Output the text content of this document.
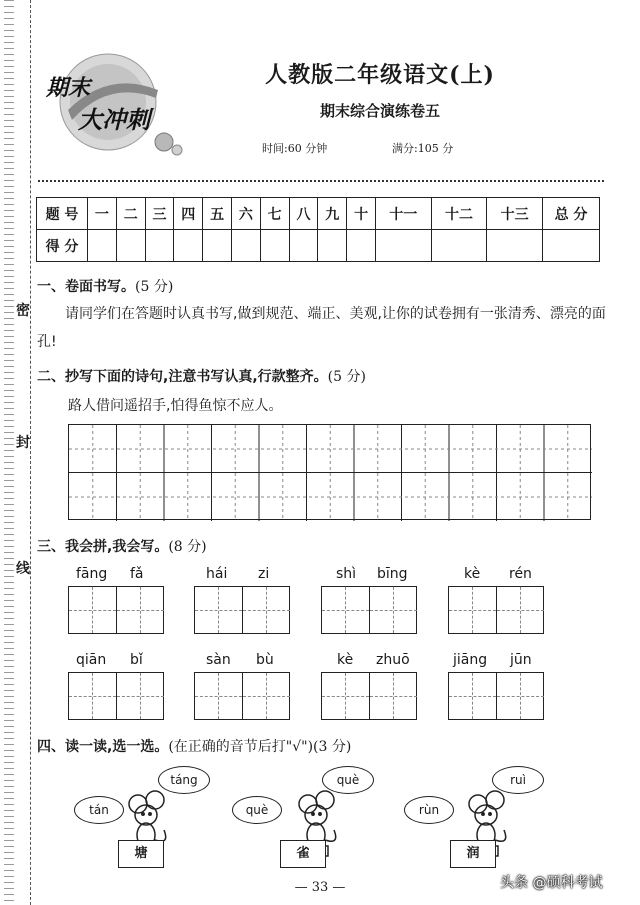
密
封
线
期末
大冲刺
人教版二年级语文(上)
期末综合演练卷五
时间:60 分钟	满分:105 分
题 号	一	二	三	四	五	六	七	八	九	十	十一	十二	十三	总 分
得 分														
一、卷面书写。(5 分)
请同学们在答题时认真书写,做到规范、端正、美观,让你的试卷拥有一张清秀、漂亮的面孔!
二、抄写下面的诗句,注意书写认真,行款整齐。(5 分)
路人借问遥招手,怕得鱼惊不应人。
三、我会拼,我会写。(8 分)
fāng fǎ	hái zi	shì bīng	kè rén
qiān bǐ	sàn bù	kè zhuō	jiāng jūn
四、读一读,选一选。(在正确的音节后打"√")(3 分)
tán
táng
塘
què
què
雀
rùn
ruì
润
— 33 —	头条 @硕科考试
